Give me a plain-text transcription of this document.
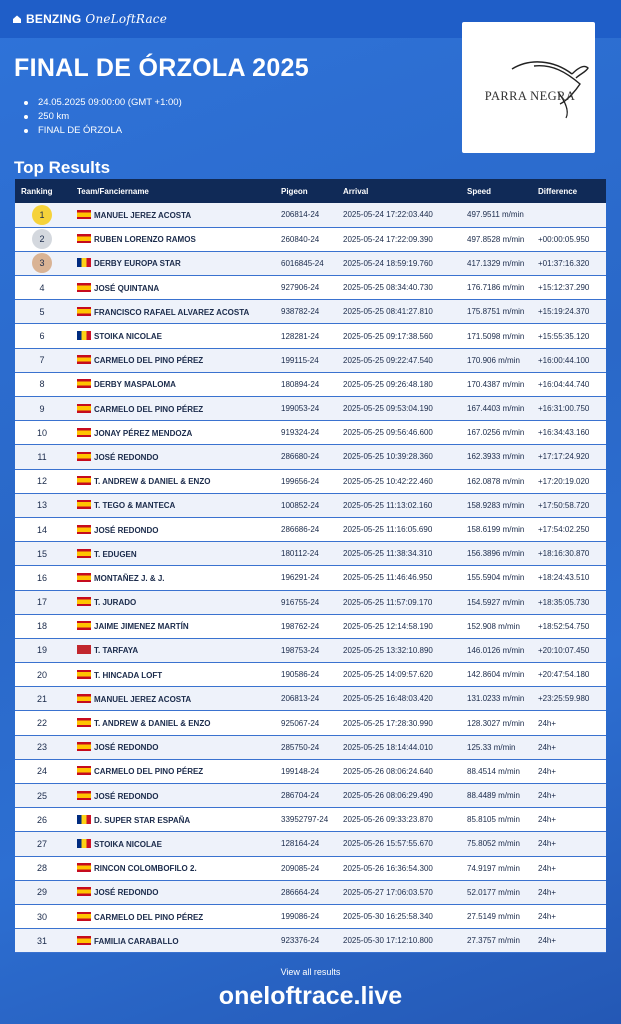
BENZING OneLoftRace
FINAL DE ÓRZOLA 2025
24.05.2025 09:00:00 (GMT +1:00)
250 km
FINAL DE ÓRZOLA
PARRA NEGRA
Top Results
Ranking	Team/Fanciername	Pigeon	Arrival	Speed	Difference
1	MANUEL JEREZ ACOSTA	206814-24	2025-05-24 17:22:03.440	497.9511 m/min	
2	RUBEN LORENZO RAMOS	260840-24	2025-05-24 17:22:09.390	497.8528 m/min	+00:00:05.950
3	DERBY EUROPA STAR	6016845-24	2025-05-24 18:59:19.760	417.1329 m/min	+01:37:16.320
4	JOSÉ QUINTANA	927906-24	2025-05-25 08:34:40.730	176.7186 m/min	+15:12:37.290
5	FRANCISCO RAFAEL ALVAREZ ACOSTA	938782-24	2025-05-25 08:41:27.810	175.8751 m/min	+15:19:24.370
6	STOIKA NICOLAE	128281-24	2025-05-25 09:17:38.560	171.5098 m/min	+15:55:35.120
7	CARMELO DEL PINO PÉREZ	199115-24	2025-05-25 09:22:47.540	170.906 m/min	+16:00:44.100
8	DERBY MASPALOMA	180894-24	2025-05-25 09:26:48.180	170.4387 m/min	+16:04:44.740
9	CARMELO DEL PINO PÉREZ	199053-24	2025-05-25 09:53:04.190	167.4403 m/min	+16:31:00.750
10	JONAY PÉREZ MENDOZA	919324-24	2025-05-25 09:56:46.600	167.0256 m/min	+16:34:43.160
11	JOSÉ REDONDO	286680-24	2025-05-25 10:39:28.360	162.3933 m/min	+17:17:24.920
12	T. ANDREW & DANIEL & ENZO	199656-24	2025-05-25 10:42:22.460	162.0878 m/min	+17:20:19.020
13	T. TEGO & MANTECA	100852-24	2025-05-25 11:13:02.160	158.9283 m/min	+17:50:58.720
14	JOSÉ REDONDO	286686-24	2025-05-25 11:16:05.690	158.6199 m/min	+17:54:02.250
15	T. EDUGEN	180112-24	2025-05-25 11:38:34.310	156.3896 m/min	+18:16:30.870
16	MONTAÑEZ J. & J.	196291-24	2025-05-25 11:46:46.950	155.5904 m/min	+18:24:43.510
17	T. JURADO	916755-24	2025-05-25 11:57:09.170	154.5927 m/min	+18:35:05.730
18	JAIME JIMENEZ MARTÍN	198762-24	2025-05-25 12:14:58.190	152.908 m/min	+18:52:54.750
19	T. TARFAYA	198753-24	2025-05-25 13:32:10.890	146.0126 m/min	+20:10:07.450
20	T. HINCADA LOFT	190586-24	2025-05-25 14:09:57.620	142.8604 m/min	+20:47:54.180
21	MANUEL JEREZ ACOSTA	206813-24	2025-05-25 16:48:03.420	131.0233 m/min	+23:25:59.980
22	T. ANDREW & DANIEL & ENZO	925067-24	2025-05-25 17:28:30.990	128.3027 m/min	24h+
23	JOSÉ REDONDO	285750-24	2025-05-25 18:14:44.010	125.33 m/min	24h+
24	CARMELO DEL PINO PÉREZ	199148-24	2025-05-26 08:06:24.640	88.4514 m/min	24h+
25	JOSÉ REDONDO	286704-24	2025-05-26 08:06:29.490	88.4489 m/min	24h+
26	D. SUPER STAR ESPAÑA	33952797-24	2025-05-26 09:33:23.870	85.8105 m/min	24h+
27	STOIKA NICOLAE	128164-24	2025-05-26 15:57:55.670	75.8052 m/min	24h+
28	RINCON COLOMBOFILO 2.	209085-24	2025-05-26 16:36:54.300	74.9197 m/min	24h+
29	JOSÉ REDONDO	286664-24	2025-05-27 17:06:03.570	52.0177 m/min	24h+
30	CARMELO DEL PINO PÉREZ	199086-24	2025-05-30 16:25:58.340	27.5149 m/min	24h+
31	FAMILIA CARABALLO	923376-24	2025-05-30 17:12:10.800	27.3757 m/min	24h+
View all results
oneloftrace.live
